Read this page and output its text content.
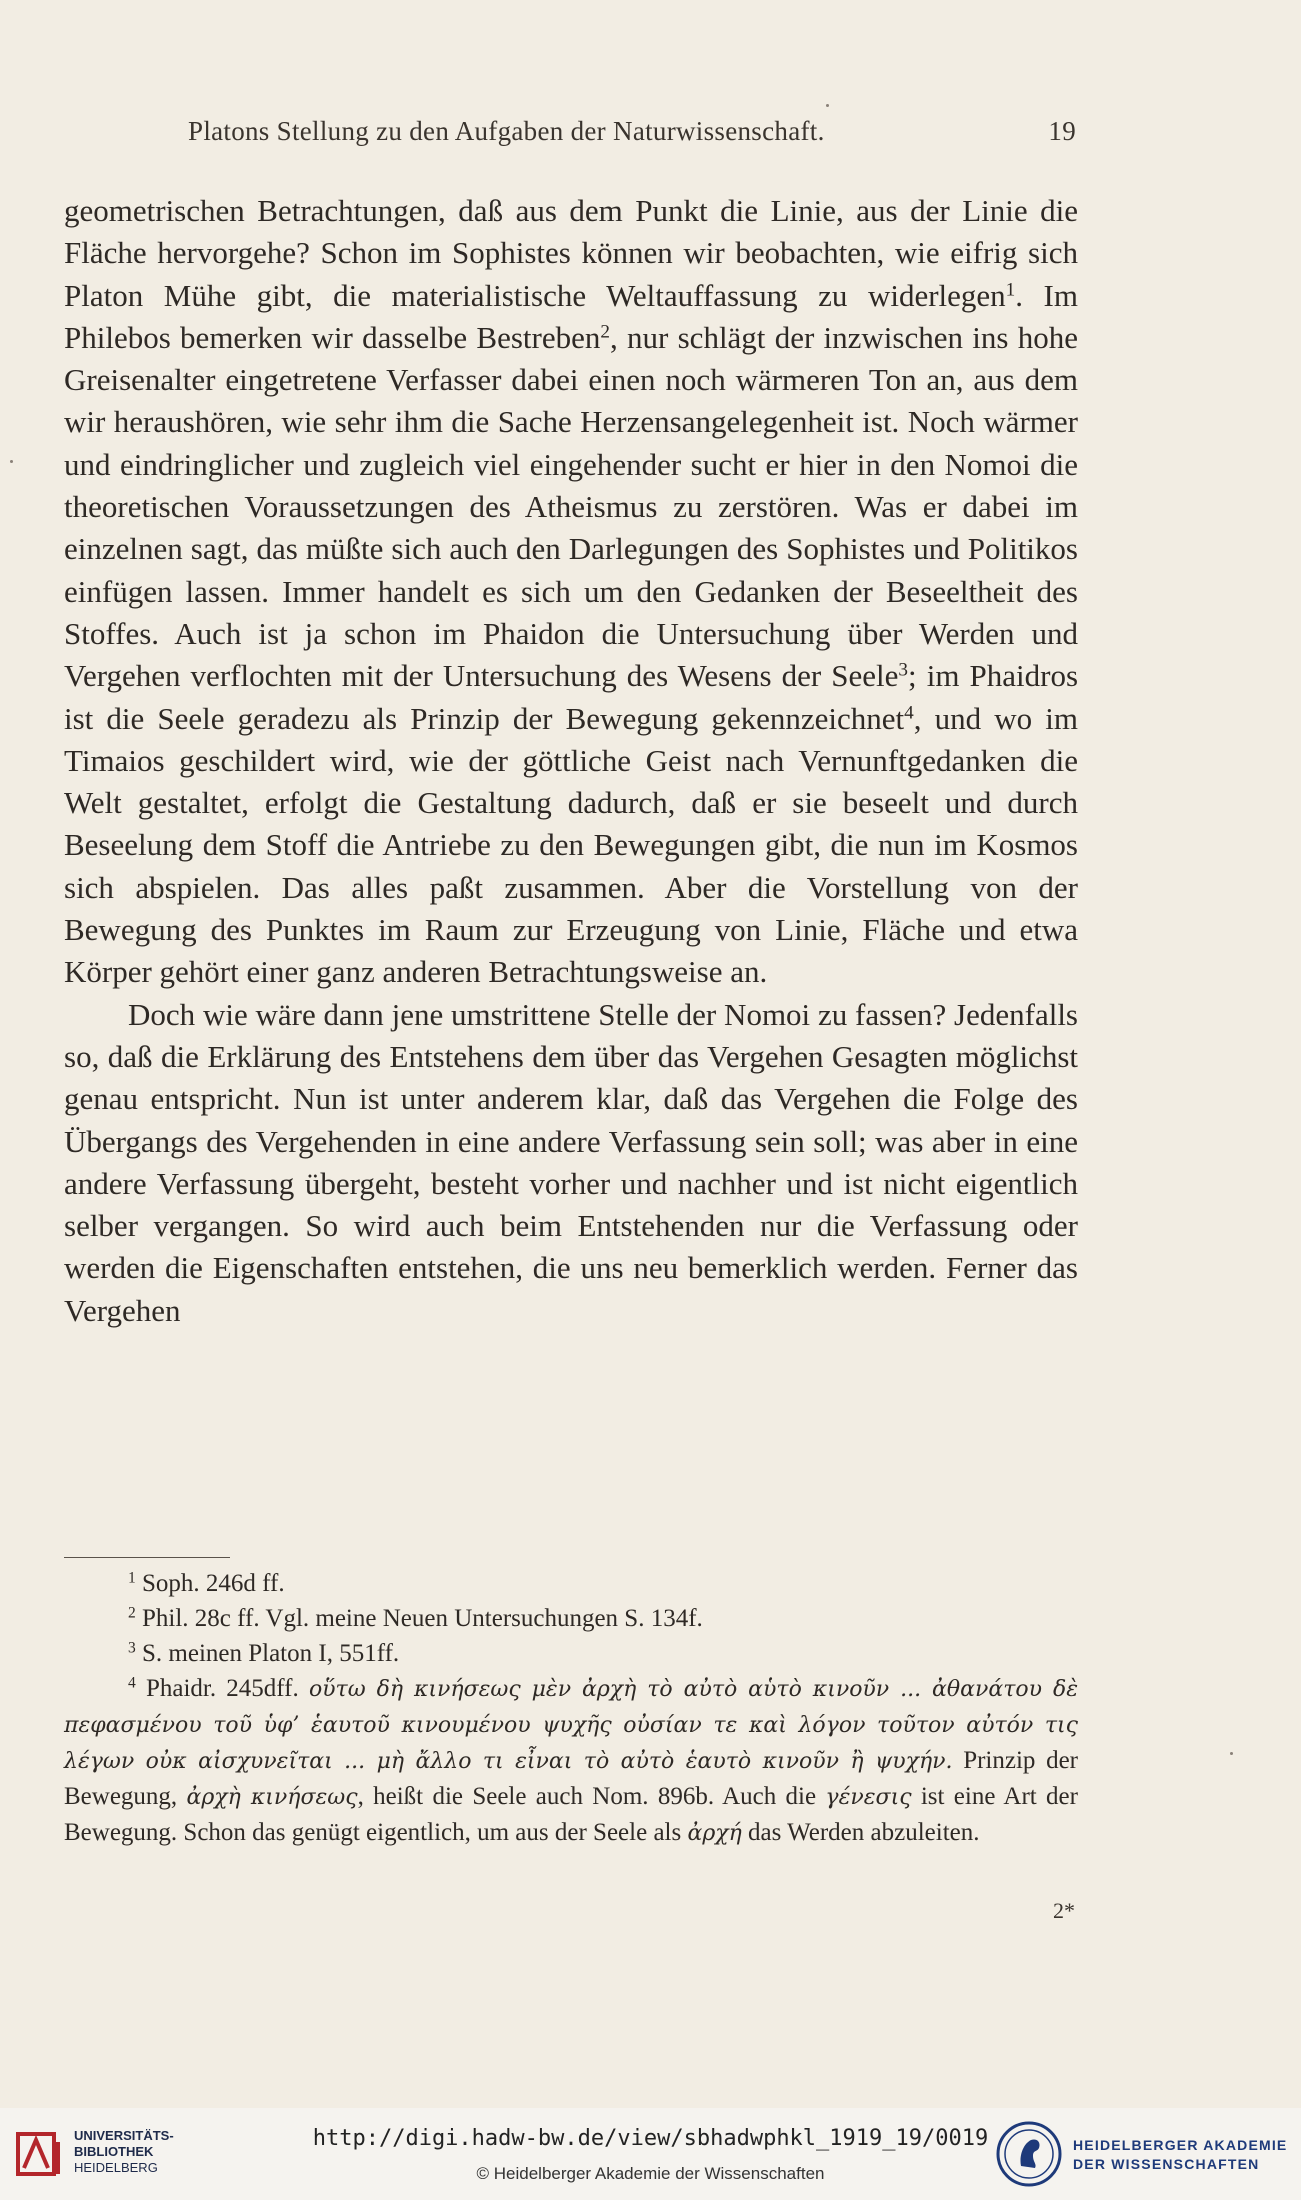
Platons Stellung zu den Aufgaben der Naturwissenschaft.	19

geometrischen Betrachtungen, daß aus dem Punkt die Linie, aus der Linie die Fläche hervorgehe? Schon im Sophistes können wir beobachten, wie eifrig sich Platon Mühe gibt, die materialistische Weltauffassung zu widerlegen$^1$. Im Philebos bemerken wir dasselbe Bestreben$^2$, nur schlägt der inzwischen ins hohe Greisenalter eingetretene Verfasser dabei einen noch wärmeren Ton an, aus dem wir heraushören, wie sehr ihm die Sache Herzensangelegenheit ist. Noch wärmer und eindringlicher und zugleich viel eingehender sucht er hier in den Nomoi die theoretischen Voraussetzungen des Atheismus zu zerstören. Was er dabei im einzelnen sagt, das müßte sich auch den Darlegungen des Sophistes und Politikos einfügen lassen. Immer handelt es sich um den Gedanken der Beseeltheit des Stoffes. Auch ist ja schon im Phaidon die Untersuchung über Werden und Vergehen verflochten mit der Untersuchung des Wesens der Seele$^3$; im Phaidros ist die Seele geradezu als Prinzip der Bewegung gekennzeichnet$^4$, und wo im Timaios geschildert wird, wie der göttliche Geist nach Vernunftgedanken die Welt gestaltet, erfolgt die Gestaltung dadurch, daß er sie beseelt und durch Beseelung dem Stoff die Antriebe zu den Bewegungen gibt, die nun im Kosmos sich abspielen. Das alles paßt zusammen. Aber die Vorstellung von der Bewegung des Punktes im Raum zur Erzeugung von Linie, Fläche und etwa Körper gehört einer ganz anderen Betrachtungsweise an.

Doch wie wäre dann jene umstrittene Stelle der Nomoi zu fassen? Jedenfalls so, daß die Erklärung des Entstehens dem über das Vergehen Gesagten möglichst genau entspricht. Nun ist unter anderem klar, daß das Vergehen die Folge des Übergangs des Vergehenden in eine andere Verfassung sein soll; was aber in eine andere Verfassung übergeht, besteht vorher und nachher und ist nicht eigentlich selber vergangen. So wird auch beim Entstehenden nur die Verfassung oder werden die Eigenschaften entstehen, die uns neu bemerklich werden. Ferner das Vergehen

$^1$ Soph. 246d ff.

$^2$ Phil. 28c ff. Vgl. meine Neuen Untersuchungen S. 134f.

$^3$ S. meinen Platon I, 551ff.

$^4$ Phaidr. 245dff. οὕτω δὴ κινήσεως μὲν ἀρχὴ τὸ αὐτὸ αὑτὸ κινοῦν ... ἀθανάτου δὲ πεφασμένου τοῦ ὑφ’ ἑαυτοῦ κινουμένου ψυχῆς οὐσίαν τε καὶ λόγον τοῦτον αὐτόν τις λέγων οὐκ αἰσχυνεῖται ... μὴ ἄλλο τι εἶναι τὸ αὐτὸ ἑαυτὸ κινοῦν ἢ ψυχήν. Prinzip der Bewegung, ἀρχὴ κινήσεως, heißt die Seele auch Nom. 896b. Auch die γένεσις ist eine Art der Bewegung. Schon das genügt eigentlich, um aus der Seele als ἀρχή das Werden abzuleiten.

2*
UNIVERSITÄTS-
BIBLIOTHEK
HEIDELBERG
http://digi.hadw-bw.de/view/sbhadwphkl_1919_19/0019
© Heidelberger Akademie der Wissenschaften
HEIDELBERGER AKADEMIE
DER WISSENSCHAFTEN
